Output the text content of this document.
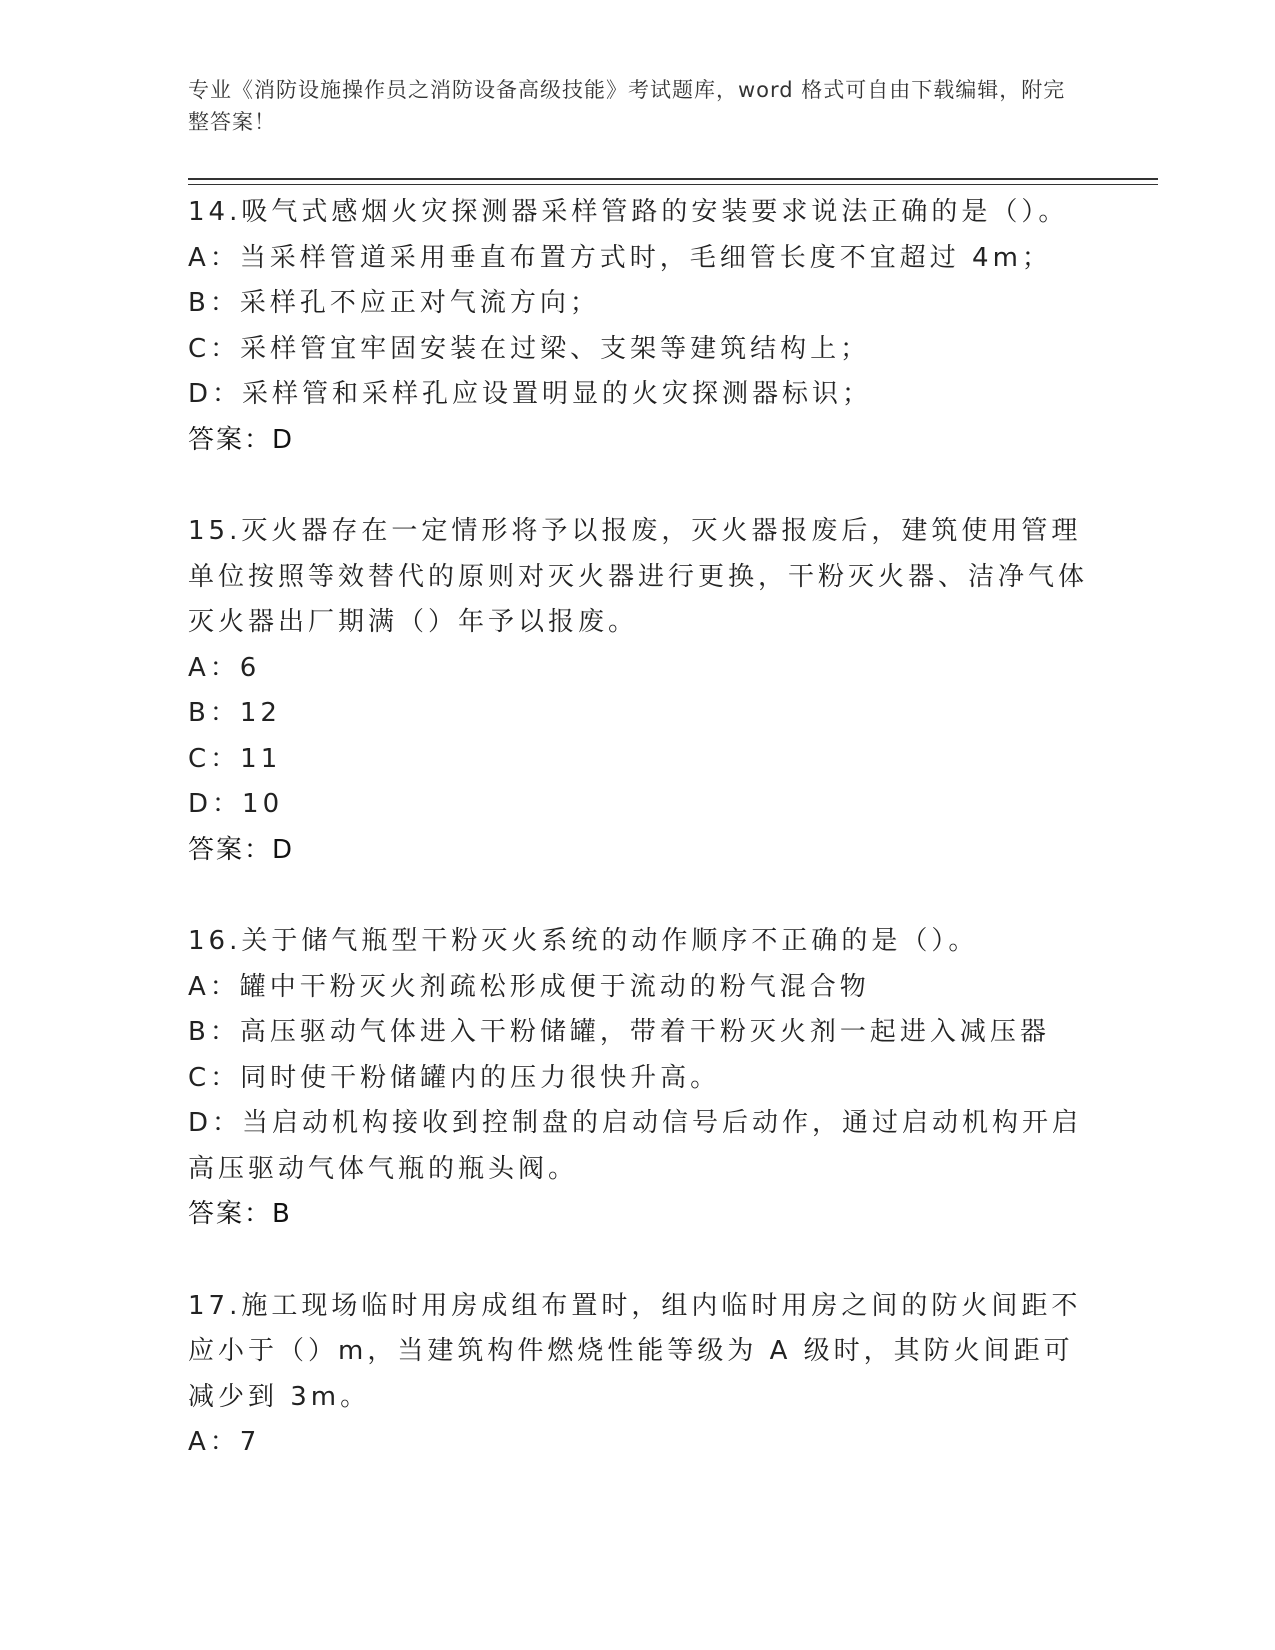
专业《消防设施操作员之消防设备高级技能》考试题库，word 格式可自由下载编辑，附完整答案！

14.吸气式感烟火灾探测器采样管路的安装要求说法正确的是（）。

A：当采样管道采用垂直布置方式时，毛细管长度不宜超过 4m；

B：采样孔不应正对气流方向；

C：采样管宜牢固安装在过梁、支架等建筑结构上；

D：采样管和采样孔应设置明显的火灾探测器标识；

答案：D

15.灭火器存在一定情形将予以报废，灭火器报废后，建筑使用管理单位按照等效替代的原则对灭火器进行更换，干粉灭火器、洁净气体灭火器出厂期满（）年予以报废。

A：6

B：12

C：11

D：10

答案：D

16.关于储气瓶型干粉灭火系统的动作顺序不正确的是（）。

A：罐中干粉灭火剂疏松形成便于流动的粉气混合物

B：高压驱动气体进入干粉储罐，带着干粉灭火剂一起进入减压器

C：同时使干粉储罐内的压力很快升高。

D：当启动机构接收到控制盘的启动信号后动作，通过启动机构开启高压驱动气体气瓶的瓶头阀。

答案：B

17.施工现场临时用房成组布置时，组内临时用房之间的防火间距不应小于（）m，当建筑构件燃烧性能等级为 A 级时，其防火间距可减少到 3m。

A：7
